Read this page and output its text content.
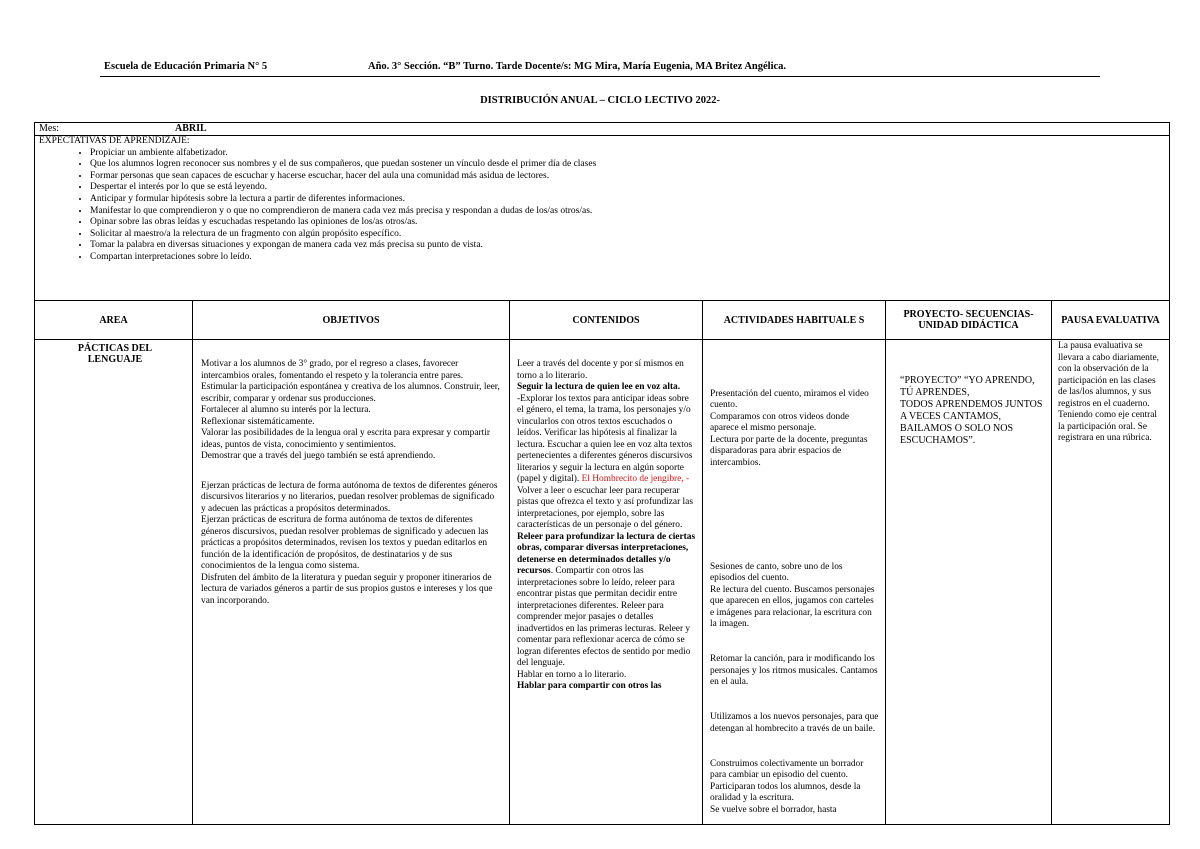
Escuela de Educación Primaria N° 5	Año. 3° Sección. “B” Turno. Tarde Docente/s: MG Mira, María Eugenia, MA Britez Angélica.
DISTRIBUCIÓN ANUAL – CICLO LECTIVO 2022-
Mes:	ABRIL
EXPECTATIVAS DE APRENDIZAJE:
• Propiciar un ambiente alfabetizador.
• Que los alumnos logren reconocer sus nombres y el de sus compañeros, que puedan sostener un vínculo desde el primer día de clases
• Formar personas que sean capaces de escuchar y hacerse escuchar, hacer del aula una comunidad más asidua de lectores.
• Despertar el interés por lo que se está leyendo.
• Anticipar y formular hipótesis sobre la lectura a partir de diferentes informaciones.
• Manifestar lo que comprendieron y o que no comprendieron de manera cada vez más precisa y respondan a dudas de los/as otros/as.
• Opinar sobre las obras leídas y escuchadas respetando las opiniones de los/as otros/as.
• Solicitar al maestro/a la relectura de un fragmento con algún propósito específico.
• Tomar la palabra en diversas situaciones y expongan de manera cada vez más precisa su punto de vista.
• Compartan interpretaciones sobre lo leído.
AREA
PÁCTICAS DEL LENGUAJE
OBJETIVOS

Motivar a los alumnos de 3° grado, por el regreso a clases, favorecer intercambios orales, fomentando el respeto y la tolerancia entre pares. Estimular la participación espontánea y creativa de los alumnos. Construir, leer, escribir, comparar y ordenar sus producciones.

Fortalecer al alumno su interés por la lectura.

Reflexionar sistemáticamente.

Valorar las posibilidades de la lengua oral y escrita para expresar y compartir ideas, puntos de vista, conocimiento y sentimientos.

Demostrar que a través del juego también se está aprendiendo.

Ejerzan prácticas de lectura de forma autónoma de textos de diferentes géneros discursivos literarios y no literarios, puedan resolver problemas de significado y adecuen las prácticas a propósitos determinados.

Ejerzan prácticas de escritura de forma autónoma de textos de diferentes géneros discursivos, puedan resolver problemas de significado y adecuen las prácticas a propósitos determinados, revisen los textos y puedan editarlos en función de la identificación de propósitos, de destinatarios y de sus conocimientos de la lengua como sistema.

Disfruten del ámbito de la literatura y puedan seguir y proponer itinerarios de lectura de variados géneros a partir de sus propios gustos e intereses y los que van incorporando.

CONTENIDOS
Leer a través del docente y por sí mismos en torno a lo literario.
Seguir la lectura de quien lee en voz alta.
-Explorar los textos para anticipar ideas sobre el género, el tema, la trama, los personajes y/o vincularlos con otros textos escuchados o leídos. Verificar las hipótesis al finalizar la lectura. Escuchar a quien lee en voz alta textos pertenecientes a diferentes géneros discursivos literarios y seguir la lectura en algún soporte (papel y digital). El Hombrecito de jengibre, -
Volver a leer o escuchar leer para recuperar pistas que ofrezca el texto y así profundizar las interpretaciones, por ejemplo, sobre las características de un personaje o del género.
Releer para profundizar la lectura de ciertas obras, comparar diversas interpretaciones, detenerse en determinados detalles y/o recursos. Compartir con otros las interpretaciones sobre lo leído, releer para encontrar pistas que permitan decidir entre interpretaciones diferentes. Releer para comprender mejor pasajes o detalles inadvertidos en las primeras lecturas. Releer y comentar para reflexionar acerca de cómo se logran diferentes efectos de sentido por medio del lenguaje.
Hablar en torno a lo literario.
Hablar para compartir con otros las
ACTIVIDADES HABITUALE S

Presentación del cuento, miramos el video cuento.
Comparamos con otros videos donde aparece el mismo personaje.
Lectura por parte de la docente, preguntas disparadoras para abrir espacios de intercambios.

Sesiones de canto, sobre uno de los episodios del cuento.
Re lectura del cuento. Buscamos personajes que aparecen en ellos, jugamos con carteles e imágenes para relacionar, la escritura con la imagen.

Retomar la canción, para ir modificando los personajes y los ritmos musicales. Cantamos en el aula.

Utilizamos a los nuevos personajes, para que detengan al hombrecito a través de un baile.

Construimos colectivamente un borrador para cambiar un episodio del cuento. Participaran todos los alumnos, desde la oralidad y la escritura.
Se vuelve sobre el borrador, hasta

PROYECTO- SECUENCIAS- UNIDAD DIDÁCTICA
“PROYECTO” “YO APRENDO,
TÚ APRENDES,
TODOS APRENDEMOS JUNTOS A VECES CANTAMOS, BAILAMOS O SOLO NOS ESCUCHAMOS”.
PAUSA EVALUATIVA
La pausa evaluativa se llevara a cabo diariamente, con la observación de la participación en las clases de las/los alumnos, y sus registros en el cuaderno.
Teniendo como eje central la participación oral. Se registrara en una rúbrica.
